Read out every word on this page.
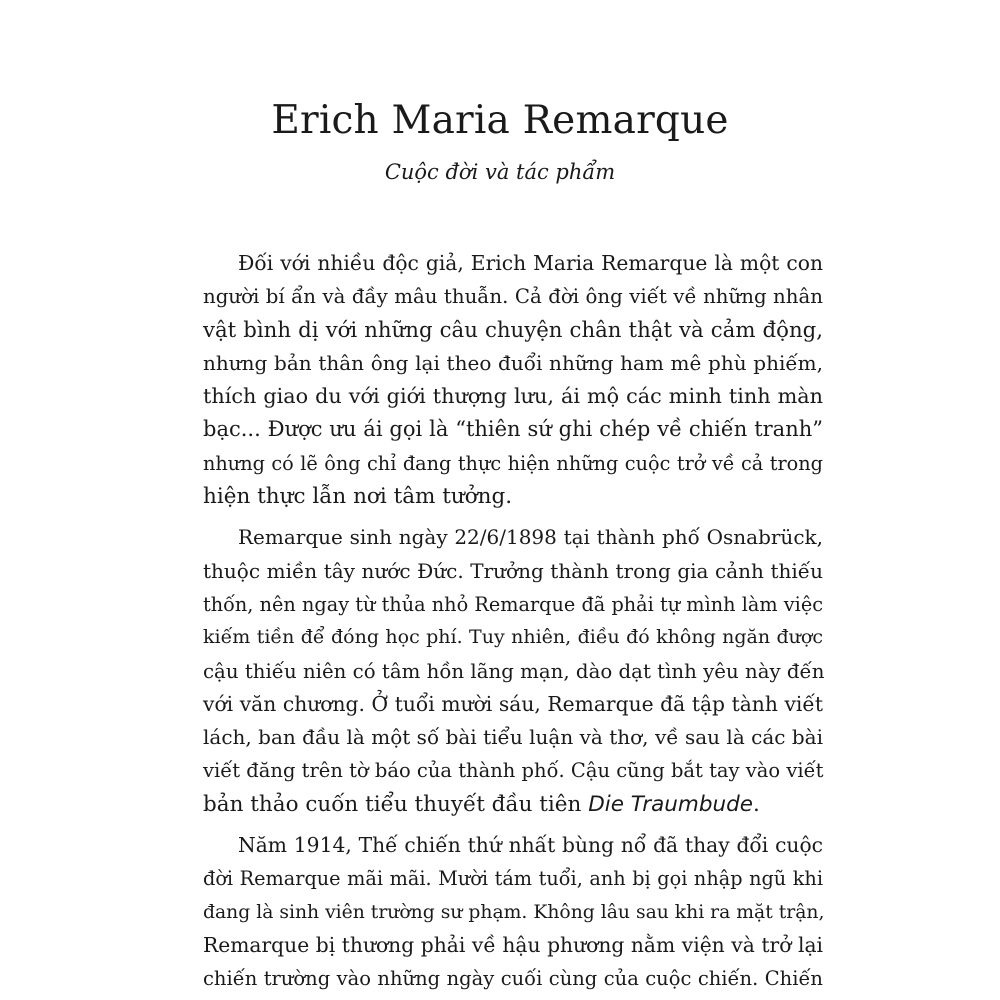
Erich Maria Remarque
Cuộc đời và tác phẩm
Đối với nhiều độc giả, Erich Maria Remarque là một con
người bí ẩn và đầy mâu thuẫn. Cả đời ông viết về những nhân
vật bình dị với những câu chuyện chân thật và cảm động,
nhưng bản thân ông lại theo đuổi những ham mê phù phiếm,
thích giao du với giới thượng lưu, ái mộ các minh tinh màn
bạc... Được ưu ái gọi là “thiên sứ ghi chép về chiến tranh”
nhưng có lẽ ông chỉ đang thực hiện những cuộc trở về cả trong
hiện thực lẫn nơi tâm tưởng.
Remarque sinh ngày 22/6/1898 tại thành phố Osnabrück,
thuộc miền tây nước Đức. Trưởng thành trong gia cảnh thiếu
thốn, nên ngay từ thủa nhỏ Remarque đã phải tự mình làm việc
kiếm tiền để đóng học phí. Tuy nhiên, điều đó không ngăn được
cậu thiếu niên có tâm hồn lãng mạn, dào dạt tình yêu này đến
với văn chương. Ở tuổi mười sáu, Remarque đã tập tành viết
lách, ban đầu là một số bài tiểu luận và thơ, về sau là các bài
viết đăng trên tờ báo của thành phố. Cậu cũng bắt tay vào viết
bản thảo cuốn tiểu thuyết đầu tiên Die Traumbude.
Năm 1914, Thế chiến thứ nhất bùng nổ đã thay đổi cuộc
đời Remarque mãi mãi. Mười tám tuổi, anh bị gọi nhập ngũ khi
đang là sinh viên trường sư phạm. Không lâu sau khi ra mặt trận,
Remarque bị thương phải về hậu phương nằm viện và trở lại
chiến trường vào những ngày cuối cùng của cuộc chiến. Chiến
